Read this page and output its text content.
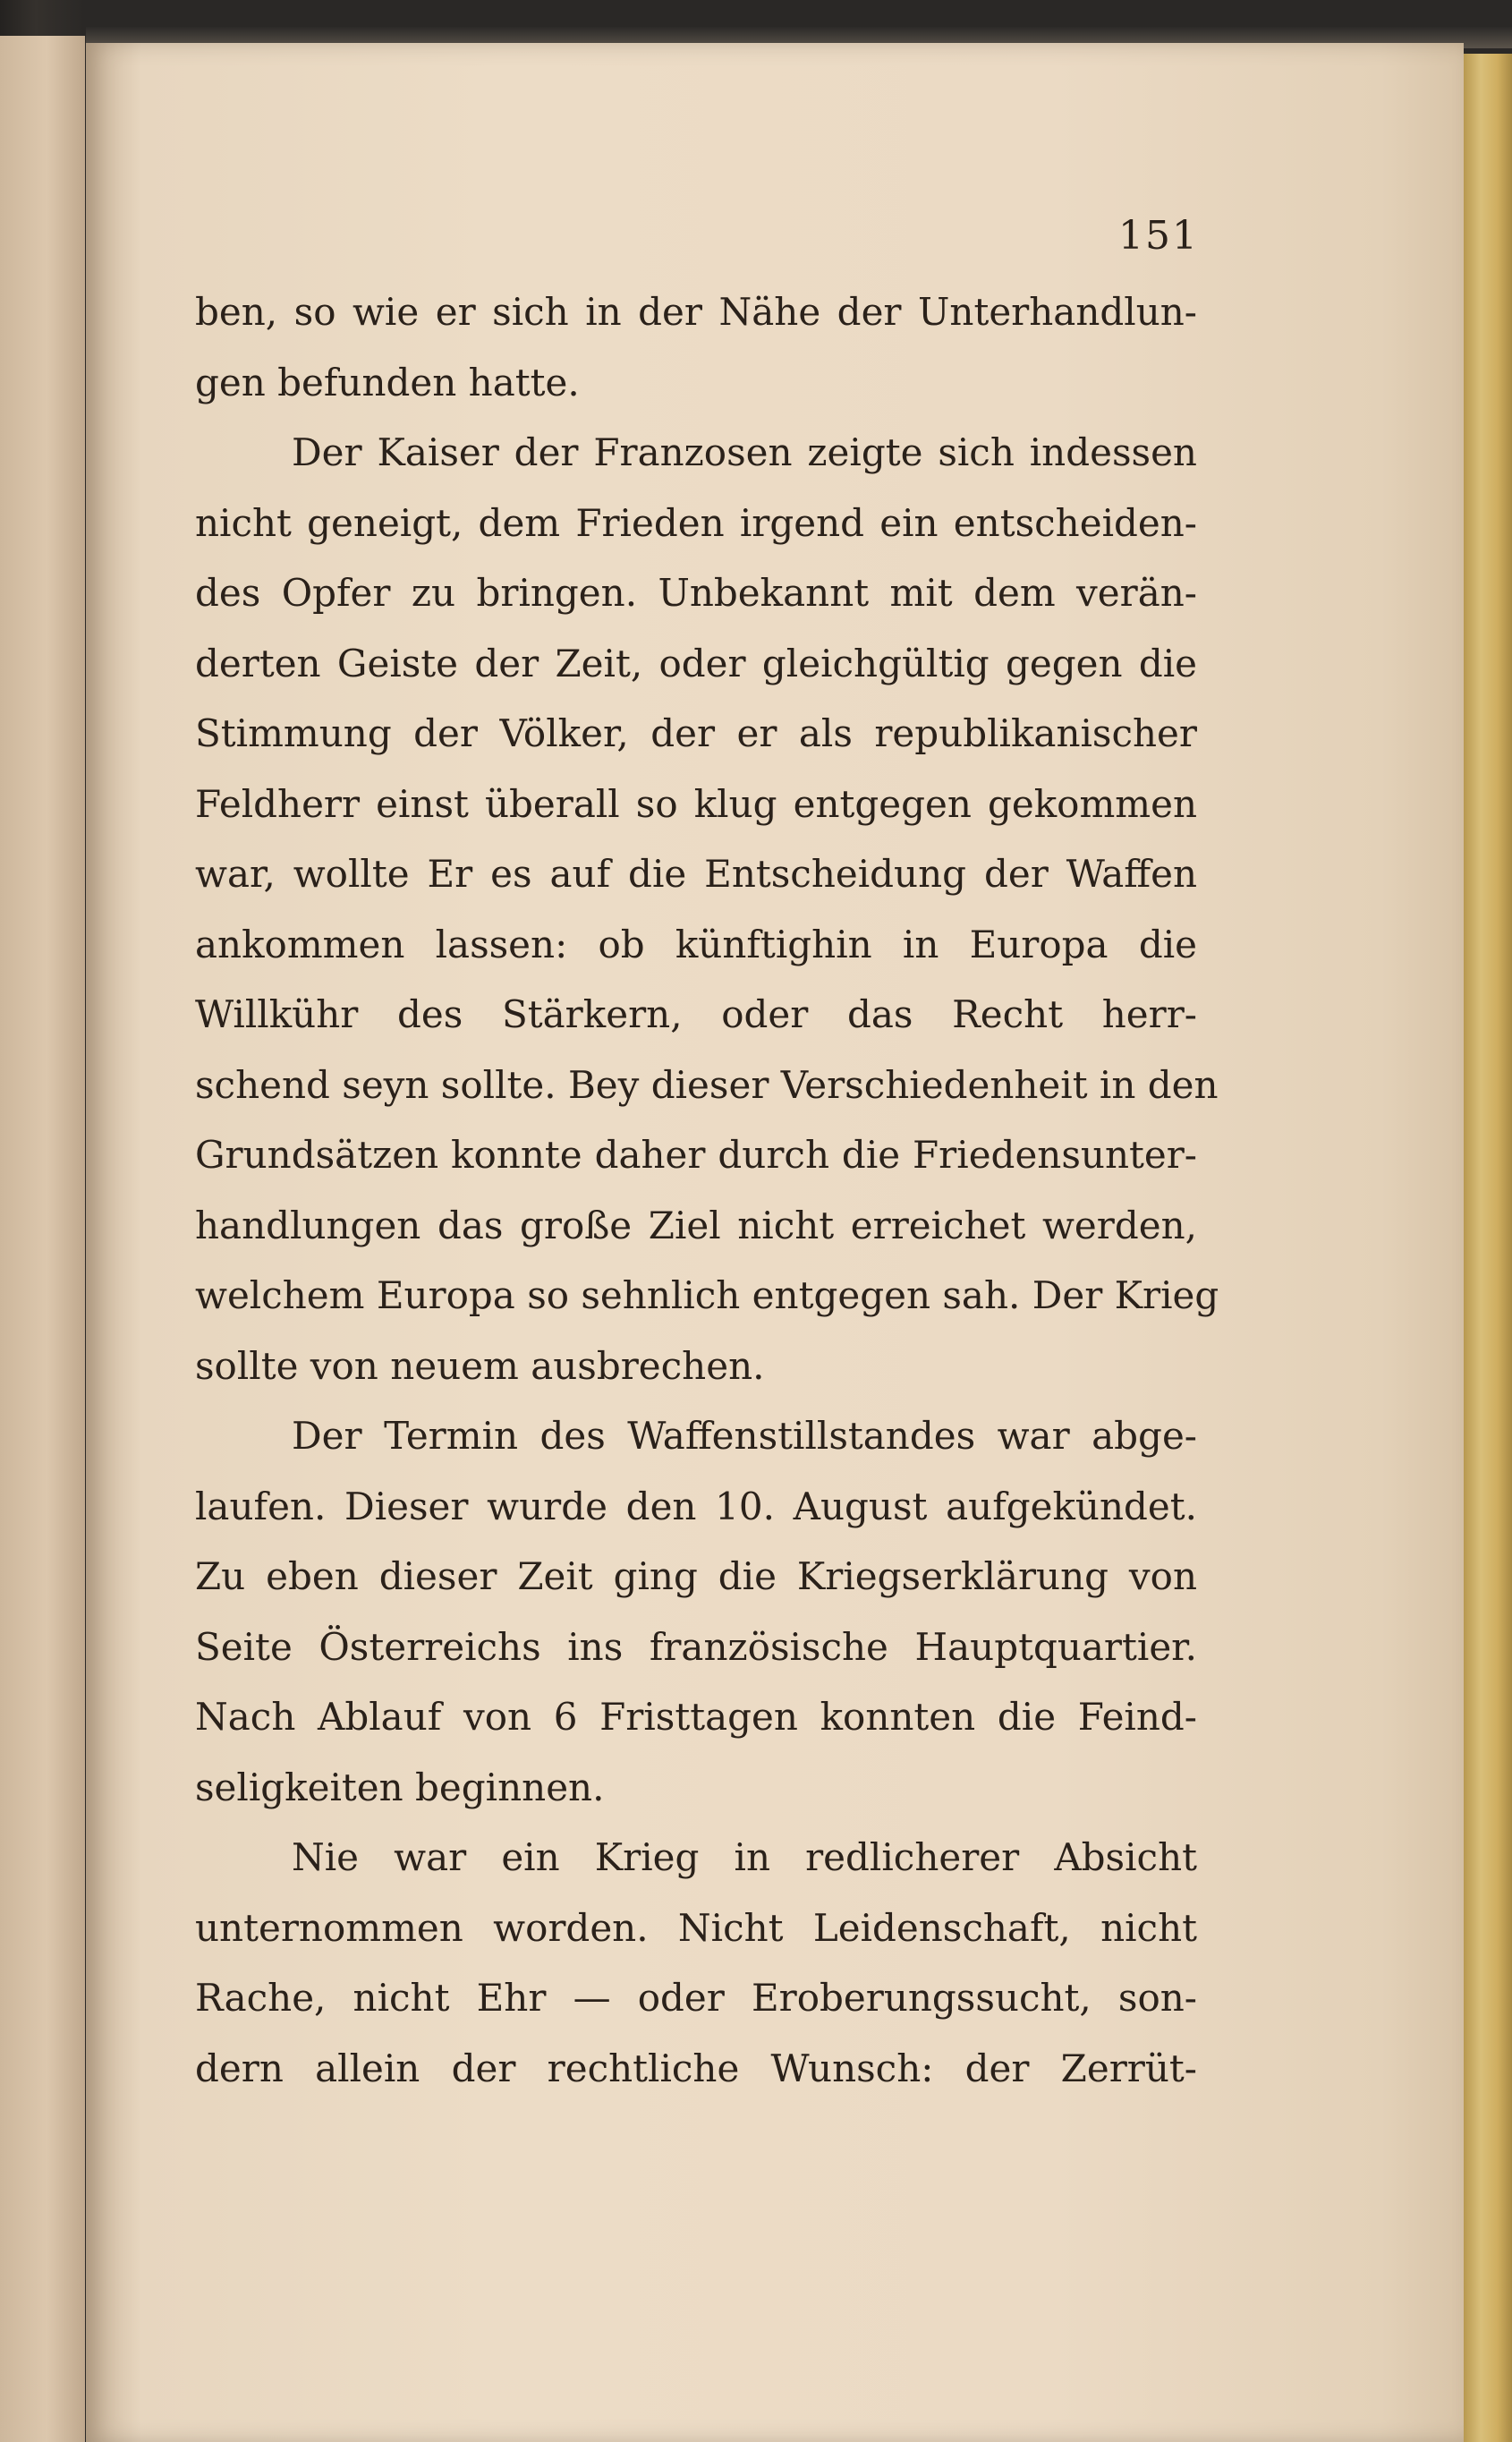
151
ben, so wie er sich in der Nähe der Unterhandlun-
gen befunden hatte.
Der Kaiser der Franzosen zeigte sich indessen
nicht geneigt, dem Frieden irgend ein entscheiden-
des Opfer zu bringen. Unbekannt mit dem verän-
derten Geiste der Zeit, oder gleichgültig gegen die
Stimmung der Völker, der er als republikanischer
Feldherr einst überall so klug entgegen gekommen
war, wollte Er es auf die Entscheidung der Waffen
ankommen lassen: ob künftighin in Europa die
Willkühr des Stärkern, oder das Recht herr-
schend seyn sollte. Bey dieser Verschiedenheit in den
Grundsätzen konnte daher durch die Friedensunter-
handlungen das große Ziel nicht erreichet werden,
welchem Europa so sehnlich entgegen sah. Der Krieg
sollte von neuem ausbrechen.
Der Termin des Waffenstillstandes war abge-
laufen. Dieser wurde den 10. August aufgekündet.
Zu eben dieser Zeit ging die Kriegserklärung von
Seite Österreichs ins französische Hauptquartier.
Nach Ablauf von 6 Fristtagen konnten die Feind-
seligkeiten beginnen.
Nie war ein Krieg in redlicherer Absicht
unternommen worden. Nicht Leidenschaft, nicht
Rache, nicht Ehr — oder Eroberungssucht, son-
dern allein der rechtliche Wunsch: der Zerrüt-
